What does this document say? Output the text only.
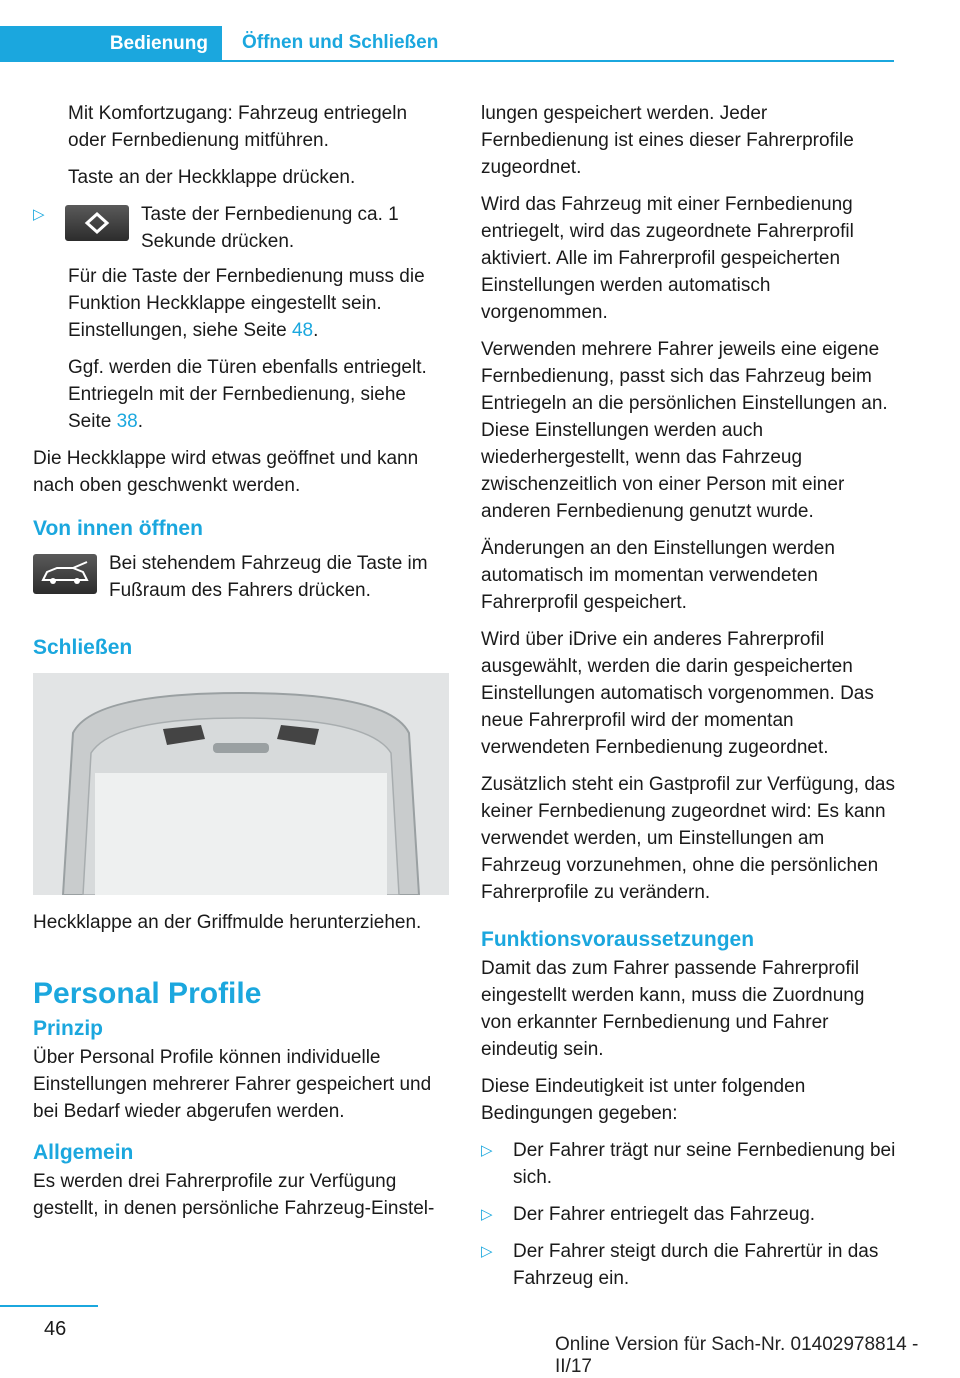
Bedienung	Öffnen und Schließen

Mit Komfortzugang: Fahrzeug entriegeln oder Fernbedienung mitführen.

Taste an der Heckklappe drücken.

▷	Taste der Fernbedienung ca. 1 Sekunde drücken.

Für die Taste der Fernbedienung muss die Funktion Heckklappe eingestellt sein. Einstellungen, siehe Seite 48.

Ggf. werden die Türen ebenfalls entriegelt. Entriegeln mit der Fernbedienung, siehe Seite 38.

Die Heckklappe wird etwas geöffnet und kann nach oben geschwenkt werden.

Von innen öffnen
Bei stehendem Fahrzeug die Taste im Fußraum des Fahrers drücken.
Schließen

Heckklappe an der Griffmulde herunterziehen.

Personal Profile
Prinzip

Über Personal Profile können individuelle Einstellungen mehrerer Fahrer gespeichert und bei Bedarf wieder abgerufen werden.

Allgemein

Es werden drei Fahrerprofile zur Verfügung gestellt, in denen persönliche Fahrzeug-Einstel-

lungen gespeichert werden. Jeder Fernbedienung ist eines dieser Fahrerprofile zugeordnet.

Wird das Fahrzeug mit einer Fernbedienung entriegelt, wird das zugeordnete Fahrerprofil aktiviert. Alle im Fahrerprofil gespeicherten Einstellungen werden automatisch vorgenommen.

Verwenden mehrere Fahrer jeweils eine eigene Fernbedienung, passt sich das Fahrzeug beim Entriegeln an die persönlichen Einstellungen an. Diese Einstellungen werden auch wiederhergestellt, wenn das Fahrzeug zwischenzeitlich von einer Person mit einer anderen Fernbedienung genutzt wurde.

Änderungen an den Einstellungen werden automatisch im momentan verwendeten Fahrerprofil gespeichert.

Wird über iDrive ein anderes Fahrerprofil ausgewählt, werden die darin gespeicherten Einstellungen automatisch vorgenommen. Das neue Fahrerprofil wird der momentan verwendeten Fernbedienung zugeordnet.

Zusätzlich steht ein Gastprofil zur Verfügung, das keiner Fernbedienung zugeordnet wird: Es kann verwendet werden, um Einstellungen am Fahrzeug vorzunehmen, ohne die persönlichen Fahrerprofile zu verändern.

Funktionsvoraussetzungen

Damit das zum Fahrer passende Fahrerprofil eingestellt werden kann, muss die Zuordnung von erkannter Fernbedienung und Fahrer eindeutig sein.

Diese Eindeutigkeit ist unter folgenden Bedingungen gegeben:

▷	Der Fahrer trägt nur seine Fernbedienung bei sich.
▷	Der Fahrer entriegelt das Fahrzeug.
▷	Der Fahrer steigt durch die Fahrertür in das Fahrzeug ein.
46
Online Version für Sach-Nr. 01402978814 - II/17
